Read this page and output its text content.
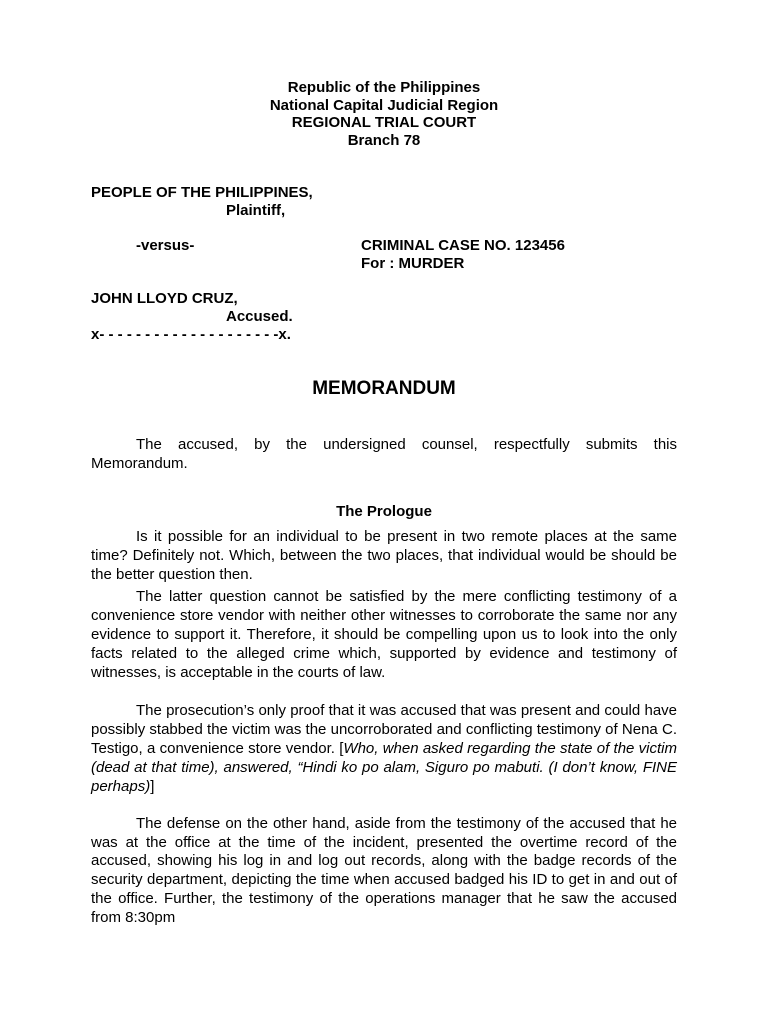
Republic of the Philippines
National Capital Judicial Region
REGIONAL TRIAL COURT
Branch 78
PEOPLE OF THE PHILIPPINES,
Plaintiff,
-versus-	CRIMINAL CASE NO. 123456
For : MURDER
JOHN LLOYD CRUZ,
Accused.
x- - - - - - - - - - - - - - - - - - - -x.
MEMORANDUM

The accused, by the undersigned counsel, respectfully submits this Memorandum.

The Prologue

Is it possible for an individual to be present in two remote places at the same time? Definitely not. Which, between the two places, that individual would be should be the better question then.

The latter question cannot be satisfied by the mere conflicting testimony of a convenience store vendor with neither other witnesses to corroborate the same nor any evidence to support it. Therefore, it should be compelling upon us to look into the only facts related to the alleged crime which, supported by evidence and testimony of witnesses, is acceptable in the courts of law.

The prosecution’s only proof that it was accused that was present and could have possibly stabbed the victim was the uncorroborated and conflicting testimony of Nena C. Testigo, a convenience store vendor. [Who, when asked regarding the state of the victim (dead at that time), answered, “Hindi ko po alam, Siguro po mabuti. (I don’t know, FINE perhaps)]

The defense on the other hand, aside from the testimony of the accused that he was at the office at the time of the incident, presented the overtime record of the accused, showing his log in and log out records, along with the badge records of the security department, depicting the time when accused badged his ID to get in and out of the office. Further, the testimony of the operations manager that he saw the accused from 8:30pm
